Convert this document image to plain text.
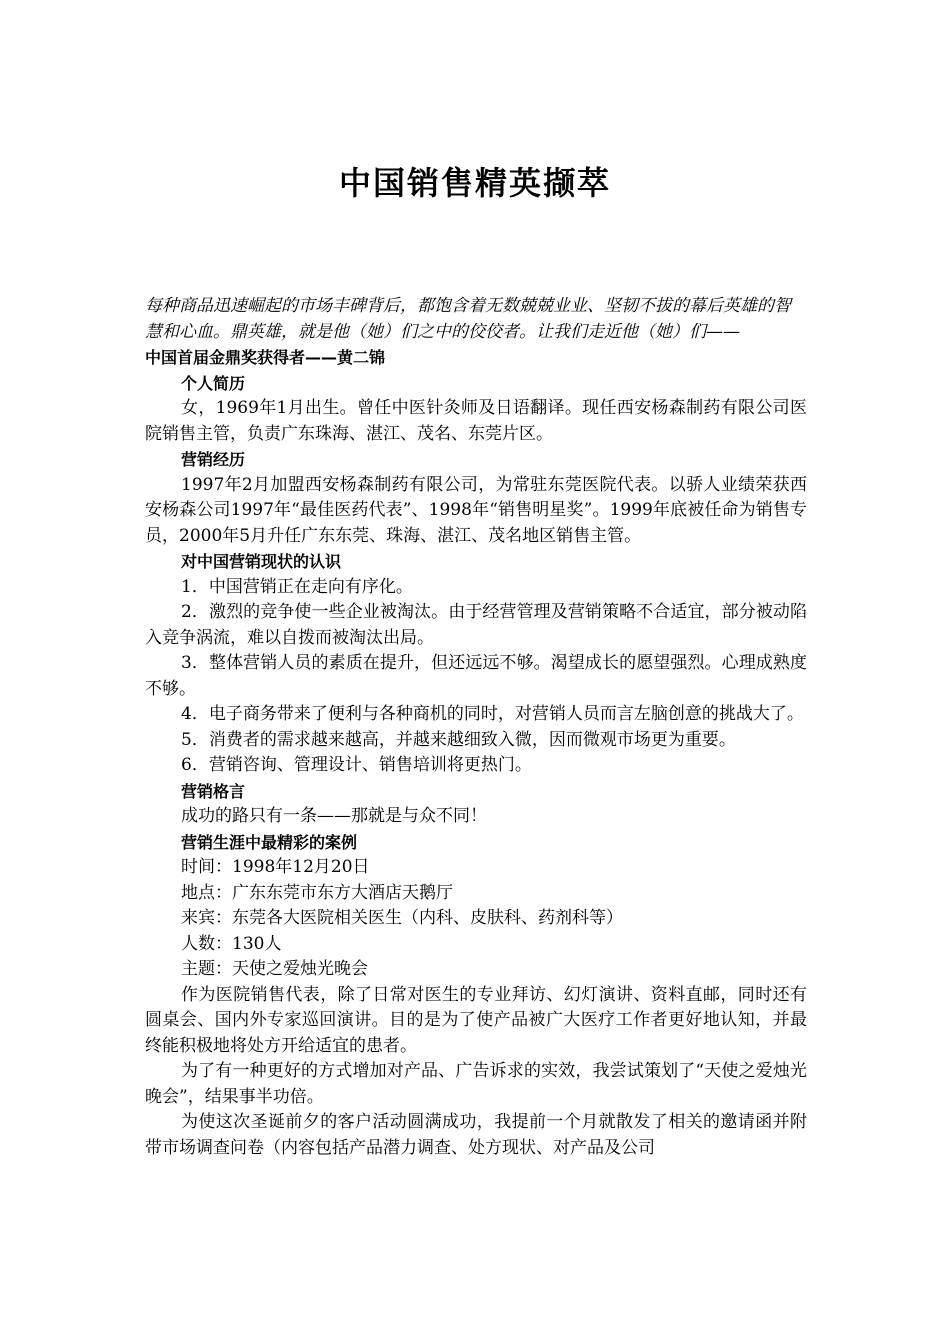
中国销售精英撷萃

每种商品迅速崛起的市场丰碑背后，都饱含着无数兢兢业业、坚韧不拔的幕后英雄的智慧和心血。鼎英雄，就是他（她）们之中的佼佼者。让我们走近他（她）们——

中国首届金鼎奖获得者——黄二锦

个人简历

女，1969年1月出生。曾任中医针灸师及日语翻译。现任西安杨森制药有限公司医院销售主管，负责广东珠海、湛江、茂名、东莞片区。

营销经历

1997年2月加盟西安杨森制药有限公司，为常驻东莞医院代表。以骄人业绩荣获西安杨森公司1997年“最佳医药代表”、1998年“销售明星奖”。1999年底被任命为销售专员，2000年5月升任广东东莞、珠海、湛江、茂名地区销售主管。

对中国营销现状的认识

1．中国营销正在走向有序化。

2．激烈的竞争使一些企业被淘汰。由于经营管理及营销策略不合适宜，部分被动陷入竞争涡流，难以自拨而被淘汰出局。

3．整体营销人员的素质在提升，但还远远不够。渴望成长的愿望强烈。心理成熟度不够。

4．电子商务带来了便利与各种商机的同时，对营销人员而言左脑创意的挑战大了。

5．消费者的需求越来越高，并越来越细致入微，因而微观市场更为重要。

6．营销咨询、管理设计、销售培训将更热门。

营销格言

成功的路只有一条——那就是与众不同！

营销生涯中最精彩的案例

时间：1998年12月20日

地点：广东东莞市东方大酒店天鹅厅

来宾：东莞各大医院相关医生（内科、皮肤科、药剂科等）

人数：130人

主题：天使之爱烛光晚会

作为医院销售代表，除了日常对医生的专业拜访、幻灯演讲、资料直邮，同时还有圆桌会、国内外专家巡回演讲。目的是为了使产品被广大医疗工作者更好地认知，并最终能积极地将处方开给适宜的患者。

为了有一种更好的方式增加对产品、广告诉求的实效，我尝试策划了“天使之爱烛光晚会”，结果事半功倍。

为使这次圣诞前夕的客户活动圆满成功，我提前一个月就散发了相关的邀请函并附带市场调查问卷（内容包括产品潜力调查、处方现状、对产品及公司
